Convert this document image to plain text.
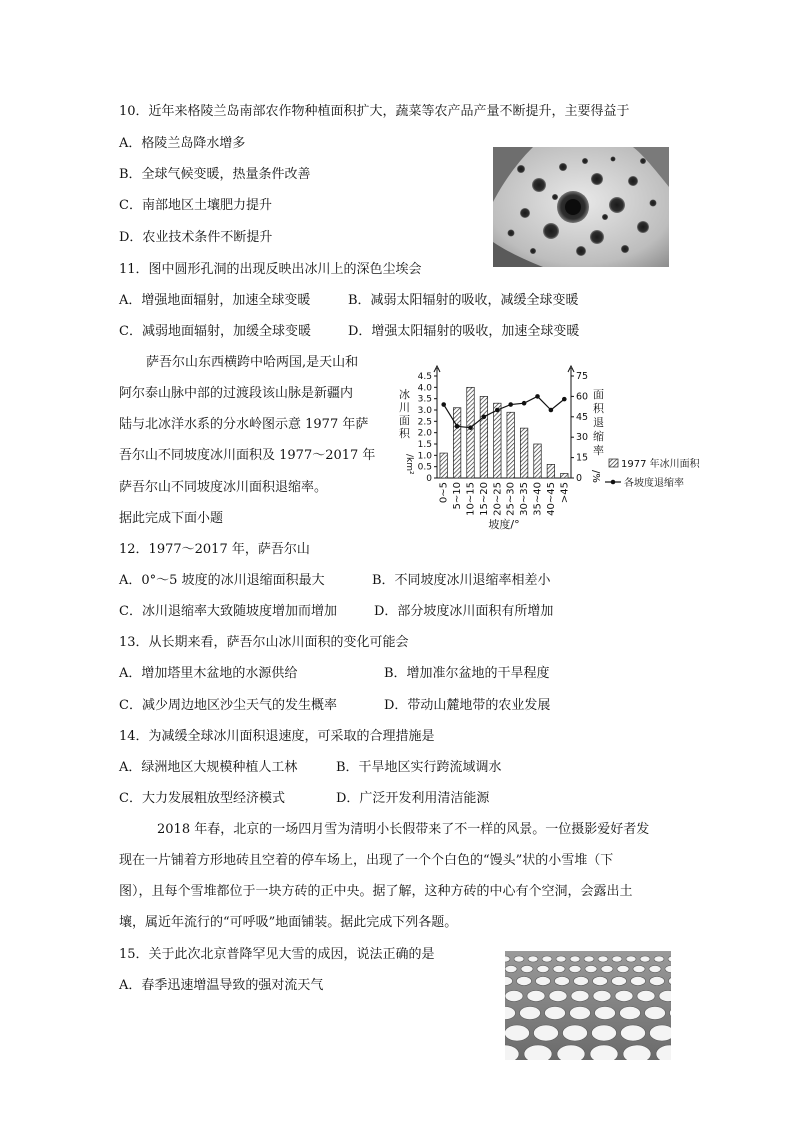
10．近年来格陵兰岛南部农作物种植面积扩大，蔬菜等农产品产量不断提升，主要得益于
A．格陵兰岛降水增多
B．全球气候变暖，热量条件改善
C．南部地区土壤肥力提升
D．农业技术条件不断提升
11．图中圆形孔洞的出现反映出冰川上的深色尘埃会
A．增强地面辐射，加速全球变暖	B．减弱太阳辐射的吸收，减缓全球变暖
C．减弱地面辐射，加缓全球变暖	D．增强太阳辐射的吸收，加速全球变暖
萨吾尔山东西横跨中哈两国,是天山和
阿尔泰山脉中部的过渡段该山脉是新疆内
陆与北冰洋水系的分水岭图示意 1977 年萨
吾尔山不同坡度冰川面积及 1977～2017 年
萨吾尔山不同坡度冰川面积退缩率。
据此完成下面小题
0
0.5
1.0
1.5
2.0
2.5
3.0
3.5
4.0
4.5
0
15
30
45
60
75
冰
川
面
积
/km²
面
积
退
缩
率
/%
0~5 5~10 10~15 15~20 20~25 25~30 30~35 35~40 40~45 >45
坡度/°
1977 年冰川面积
各坡度退缩率
12．1977～2017 年，萨吾尔山
A．0°～5 坡度的冰川退缩面积最大	B．不同坡度冰川退缩率相差小
C．冰川退缩率大致随坡度增加而增加	D．部分坡度冰川面积有所增加
13．从长期来看，萨吾尔山冰川面积的变化可能会
A．增加塔里木盆地的水源供给	B．增加准尔盆地的干旱程度
C．减少周边地区沙尘天气的发生概率	D．带动山麓地带的农业发展
14．为减缓全球冰川面积退速度，可采取的合理措施是
A．绿洲地区大规模种植人工林	B．干旱地区实行跨流域调水
C．大力发展粗放型经济模式	D．广泛开发利用清洁能源
2018 年春，北京的一场四月雪为清明小长假带来了不一样的风景。一位摄影爱好者发
现在一片铺着方形地砖且空着的停车场上，出现了一个个白色的“馒头”状的小雪堆（下
图），且每个雪堆都位于一块方砖的正中央。据了解，这种方砖的中心有个空洞，会露出土
壤，属近年流行的“可呼吸”地面铺装。据此完成下列各题。
15．关于此次北京普降罕见大雪的成因，说法正确的是
A．春季迅速增温导致的强对流天气
